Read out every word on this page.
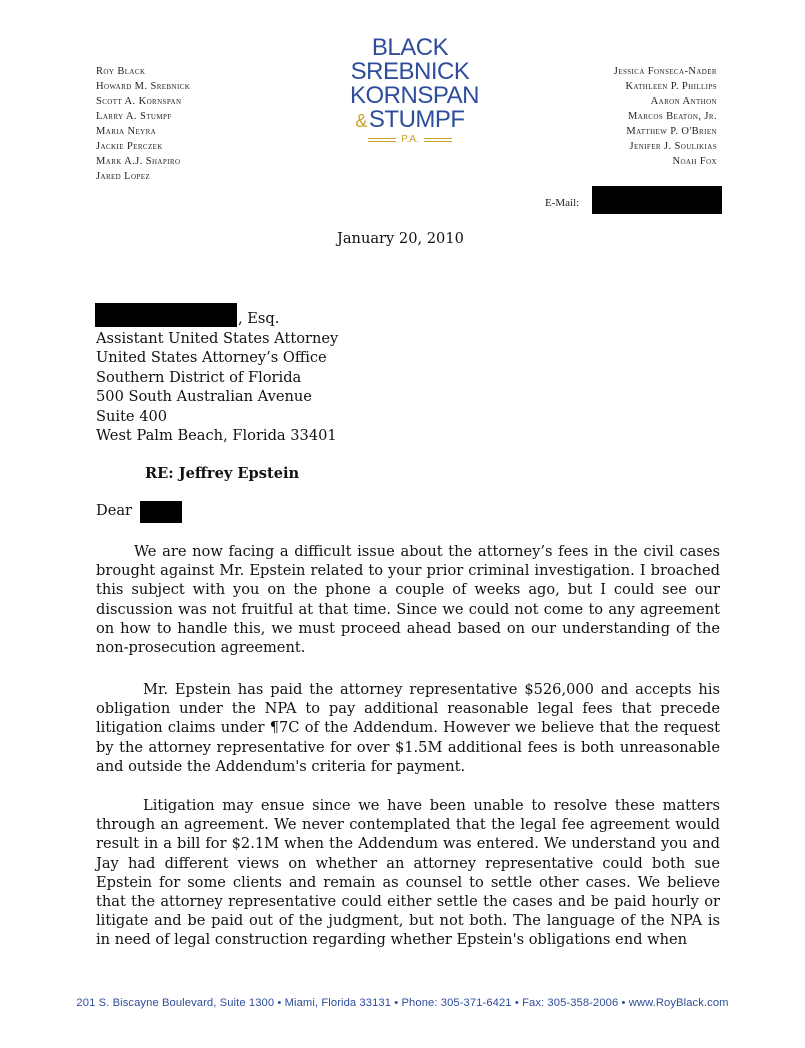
Roy Black
Howard M. Srebnick
Scott A. Kornspan
Larry A. Stumpf
Maria Neyra
Jackie Perczek
Mark A.J. Shapiro
Jared Lopez
BLACK
SREBNICK
KORNSPAN
&STUMPF
P.A.
Jessica Fonseca-Nader
Kathleen P. Phillips
Aaron Anthon
Marcos Beaton, Jr.
Matthew P. O'Brien
Jenifer J. Soulikias
Noah Fox
E-Mail:
January 20, 2010
, Esq.
Assistant United States Attorney
United States Attorney’s Office
Southern District of Florida
500 South Australian Avenue
Suite 400
West Palm Beach, Florida 33401
RE: Jeffrey Epstein
Dear
We are now facing a difficult issue about the attorney’s fees in the civil cases brought against Mr. Epstein related to your prior criminal investigation. I broached this subject with you on the phone a couple of weeks ago, but I could see our discussion was not fruitful at that time. Since we could not come to any agreement on how to handle this, we must proceed ahead based on our understanding of the non-prosecution agreement.
Mr. Epstein has paid the attorney representative $526,000 and accepts his obligation under the NPA to pay additional reasonable legal fees that precede litigation claims under ¶7C of the Addendum. However we believe that the request by the attorney representative for over $1.5M additional fees is both unreasonable and outside the Addendum's criteria for payment.
Litigation may ensue since we have been unable to resolve these matters through an agreement. We never contemplated that the legal fee agreement would result in a bill for $2.1M when the Addendum was entered. We understand you and Jay had different views on whether an attorney representative could both sue Epstein for some clients and remain as counsel to settle other cases. We believe that the attorney representative could either settle the cases and be paid hourly or litigate and be paid out of the judgment, but not both. The language of the NPA is in need of legal construction regarding whether Epstein's obligations end when
201 S. Biscayne Boulevard, Suite 1300 • Miami, Florida 33131 • Phone: 305-371-6421 • Fax: 305-358-2006 • www.RoyBlack.com
